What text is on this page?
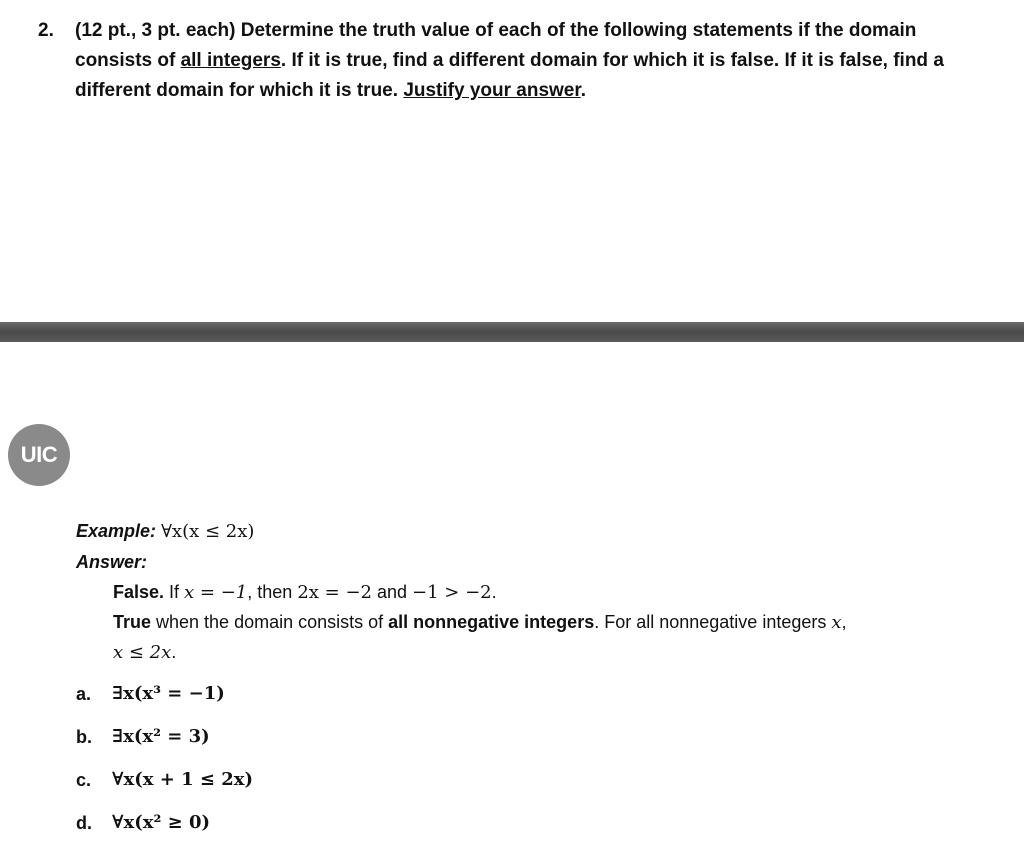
2. (12 pt., 3 pt. each) Determine the truth value of each of the following statements if the domain consists of all integers. If it is true, find a different domain for which it is false. If it is false, find a different domain for which it is true. Justify your answer.
UIC
Example: ∀x(x ≤ 2x)
Answer:
False. If x = −1, then 2x = −2 and −1 > −2.
True when the domain consists of all nonnegative integers. For all nonnegative integers x,
x ≤ 2x.
a. ∃x(x³ = −1)
b. ∃x(x² = 3)
c. ∀x(x + 1 ≤ 2x)
d. ∀x(x² ≥ 0)
